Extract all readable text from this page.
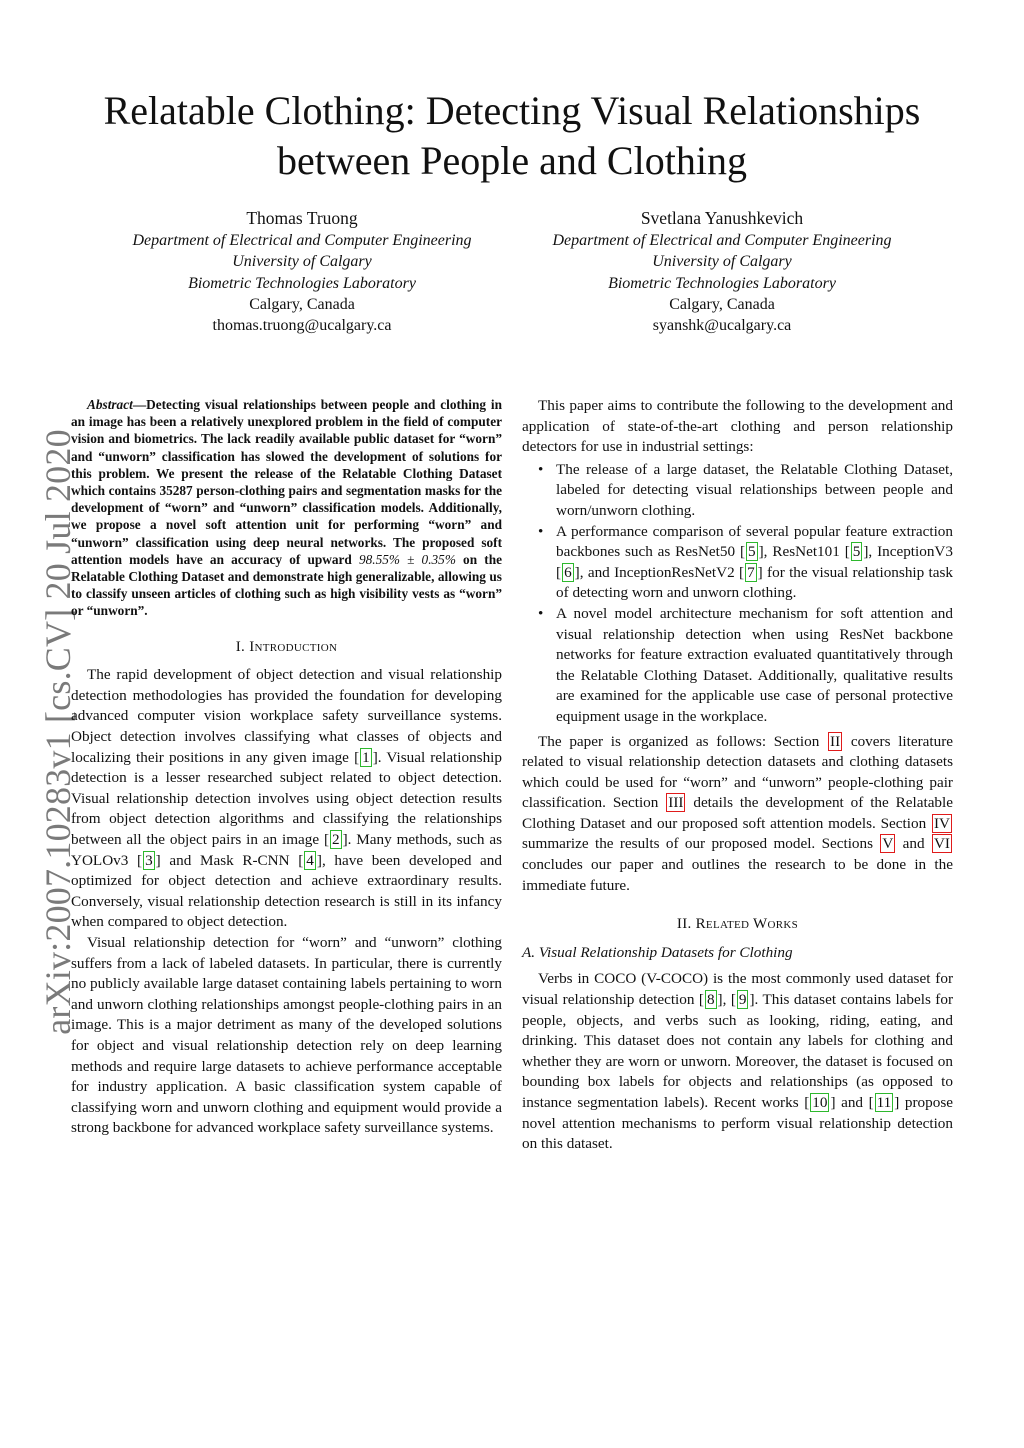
Relatable Clothing: Detecting Visual Relationships between People and Clothing
Thomas Truong
Department of Electrical and Computer Engineering
University of Calgary
Biometric Technologies Laboratory
Calgary, Canada
thomas.truong@ucalgary.ca
Svetlana Yanushkevich
Department of Electrical and Computer Engineering
University of Calgary
Biometric Technologies Laboratory
Calgary, Canada
syanshk@ucalgary.ca
arXiv:2007.10283v1 [cs.CV] 20 Jul 2020

Abstract—Detecting visual relationships between people and clothing in an image has been a relatively unexplored problem in the field of computer vision and biometrics. The lack readily available public dataset for “worn” and “unworn” classification has slowed the development of solutions for this problem. We present the release of the Relatable Clothing Dataset which contains 35287 person-clothing pairs and segmentation masks for the development of “worn” and “unworn” classification models. Additionally, we propose a novel soft attention unit for performing “worn” and “unworn” classification using deep neural networks. The proposed soft attention models have an accuracy of upward 98.55% ± 0.35% on the Relatable Clothing Dataset and demonstrate high generalizable, allowing us to classify unseen articles of clothing such as high visibility vests as “worn” or “unworn”.

I. Introduction

The rapid development of object detection and visual relationship detection methodologies has provided the foundation for developing advanced computer vision workplace safety surveillance systems. Object detection involves classifying what classes of objects and localizing their positions in any given image [ 1 ]. Visual relationship detection is a lesser researched subject related to object detection. Visual relationship detection involves using object detection results from object detection algorithms and classifying the relationships between all the object pairs in an image [ 2 ]. Many methods, such as YOLOv3 [ 3 ] and Mask R-CNN [ 4 ], have been developed and optimized for object detection and achieve extraordinary results. Conversely, visual relationship detection research is still in its infancy when compared to object detection.

Visual relationship detection for “worn” and “unworn” clothing suffers from a lack of labeled datasets. In particular, there is currently no publicly available large dataset containing labels pertaining to worn and unworn clothing relationships amongst people-clothing pairs in an image. This is a major detriment as many of the developed solutions for object and visual relationship detection rely on deep learning methods and require large datasets to achieve performance acceptable for industry application. A basic classification system capable of classifying worn and unworn clothing and equipment would provide a strong backbone for advanced workplace safety surveillance systems.

This paper aims to contribute the following to the development and application of state-of-the-art clothing and person relationship detectors for use in industrial settings:

• The release of a large dataset, the Relatable Clothing Dataset, labeled for detecting visual relationships between people and worn/unworn clothing.
• A performance comparison of several popular feature extraction backbones such as ResNet50 [ 5 ], ResNet101 [ 5 ], InceptionV3 [ 6 ], and InceptionResNetV2 [ 7 ] for the visual relationship task of detecting worn and unworn clothing.
• A novel model architecture mechanism for soft attention and visual relationship detection when using ResNet backbone networks for feature extraction evaluated quantitatively through the Relatable Clothing Dataset. Additionally, qualitative results are examined for the applicable use case of personal protective equipment usage in the workplace.

The paper is organized as follows: Section II covers literature related to visual relationship detection datasets and clothing datasets which could be used for “worn” and “unworn” people-clothing pair classification. Section III details the development of the Relatable Clothing Dataset and our proposed soft attention models. Section IV summarize the results of our proposed model. Sections V and VI concludes our paper and outlines the research to be done in the immediate future.

II. Related Works
A. Visual Relationship Datasets for Clothing

Verbs in COCO (V-COCO) is the most commonly used dataset for visual relationship detection [ 8 ], [ 9 ]. This dataset contains labels for people, objects, and verbs such as looking, riding, eating, and drinking. This dataset does not contain any labels for clothing and whether they are worn or unworn. Moreover, the dataset is focused on bounding box labels for objects and relationships (as opposed to instance segmentation labels). Recent works [ 10 ] and [ 11 ] propose novel attention mechanisms to perform visual relationship detection on this dataset.
